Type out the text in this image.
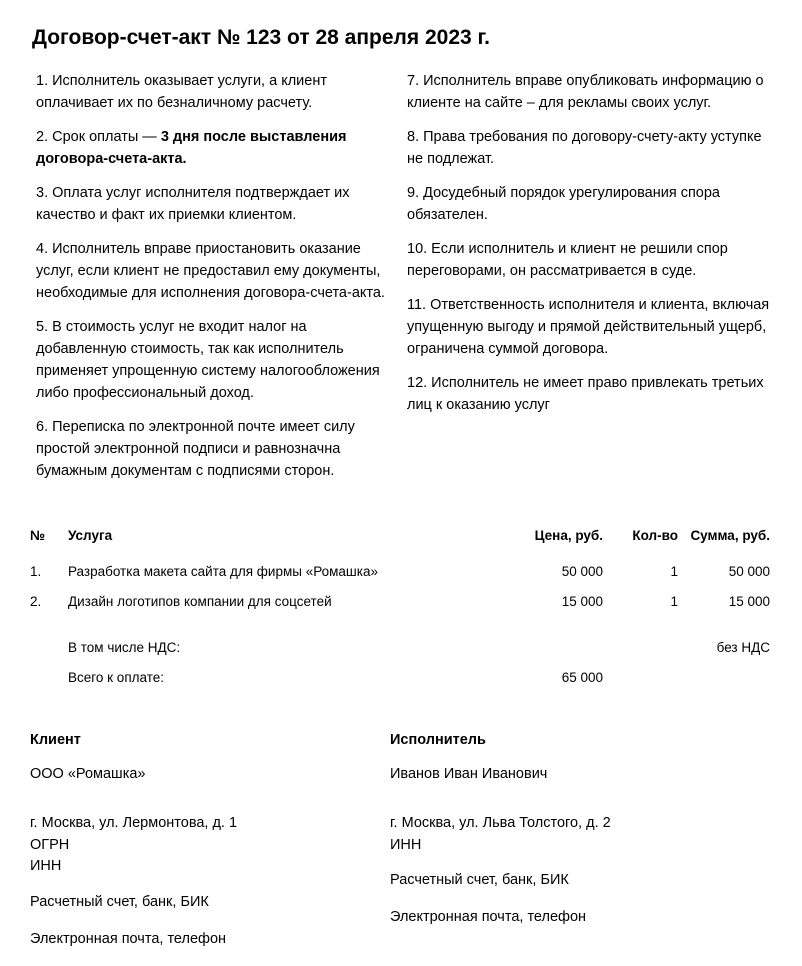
Договор-счет-акт № 123 от 28 апреля 2023 г.

1. Исполнитель оказывает услуги, а клиент оплачивает их по безналичному расчету.

2. Срок оплаты — 3 дня после выставления договора-счета-акта.

3. Оплата услуг исполнителя подтверждает их качество и факт их приемки клиентом.

4. Исполнитель вправе приостановить оказание услуг, если клиент не предоставил ему документы, необходимые для исполнения договора-счета-акта.

5. В стоимость услуг не входит налог на добавленную стоимость, так как исполнитель применяет упрощенную систему налогообложения либо профессиональный доход.

6. Переписка по электронной почте имеет силу простой электронной подписи и равнозначна бумажным документам с подписями сторон.

7. Исполнитель вправе опубликовать информацию о клиенте на сайте – для рекламы своих услуг.

8. Права требования по договору-счету-акту уступке не подлежат.

9. Досудебный порядок урегулирования спора обязателен.

10. Если исполнитель и клиент не решили спор переговорами, он рассматривается в суде.

11. Ответственность исполнителя и клиента, включая упущенную выгоду и прямой действительный ущерб, ограничена суммой договора.

12. Исполнитель не имеет право привлекать третьих лиц к оказанию услуг

№	Услуга	Цена, руб.	Кол-во	Сумма, руб.
1.	Разработка макета сайта для фирмы «Ромашка»	50 000	1	50 000
2.	Дизайн логотипов компании для соцсетей	15 000	1	15 000
	В том числе НДС:			без НДС
	Всего к оплате:	65 000		
Клиент

ООО «Ромашка»

г. Москва, ул. Лермонтова, д. 1

ОГРН

ИНН

Расчетный счет, банк, БИК

Электронная почта, телефон

Исполнитель

Иванов Иван Иванович

г. Москва, ул. Льва Толстого, д. 2

ИНН

Расчетный счет, банк, БИК

Электронная почта, телефон
